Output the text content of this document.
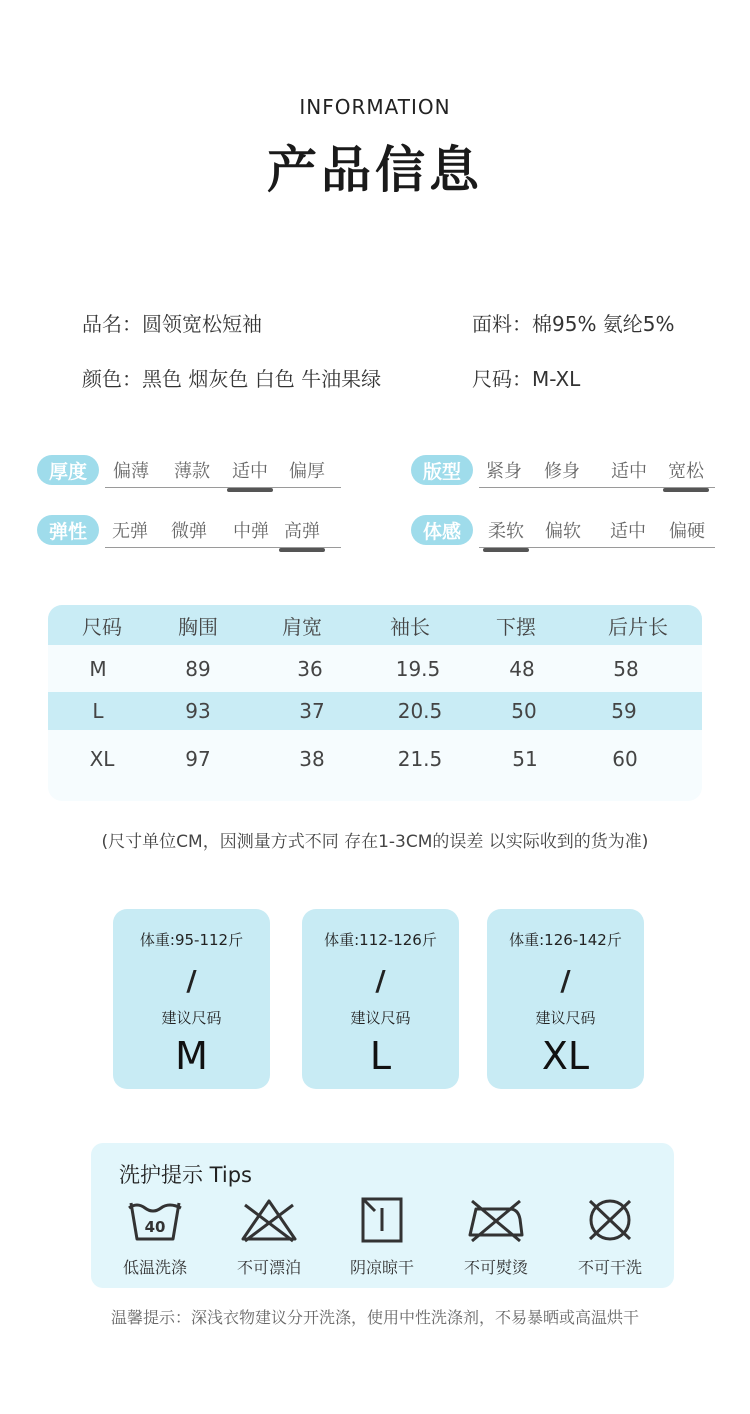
INFORMATION
产品信息
品名：圆领宽松短袖	面料：棉95% 氨纶5%
颜色：黑色 烟灰色 白色 牛油果绿	尺码：M-XL
厚度	偏薄	薄款	适中	偏厚	版型	紧身	修身	适中	宽松
弹性	无弹	微弹	中弹 高弹	体感	柔软	偏软	适中	偏硬
尺码	胸围	肩宽	袖长	下摆	后片长
M	89	36	19.5	48	58
L	93	37	20.5	50	59
XL	97	38	21.5	51	60
(尺寸单位CM，因测量方式不同 存在1-3CM的误差 以实际收到的货为准)
体重:95-112斤
/
建议尺码
M
体重:112-126斤
/
建议尺码
L
体重:126-142斤
/
建议尺码
XL
洗护提示 Tips
40
低温洗涤	不可漂泊	阴凉晾干	不可熨烫	不可干洗
温馨提示：深浅衣物建议分开洗涤，使用中性洗涤剂，不易暴晒或高温烘干
